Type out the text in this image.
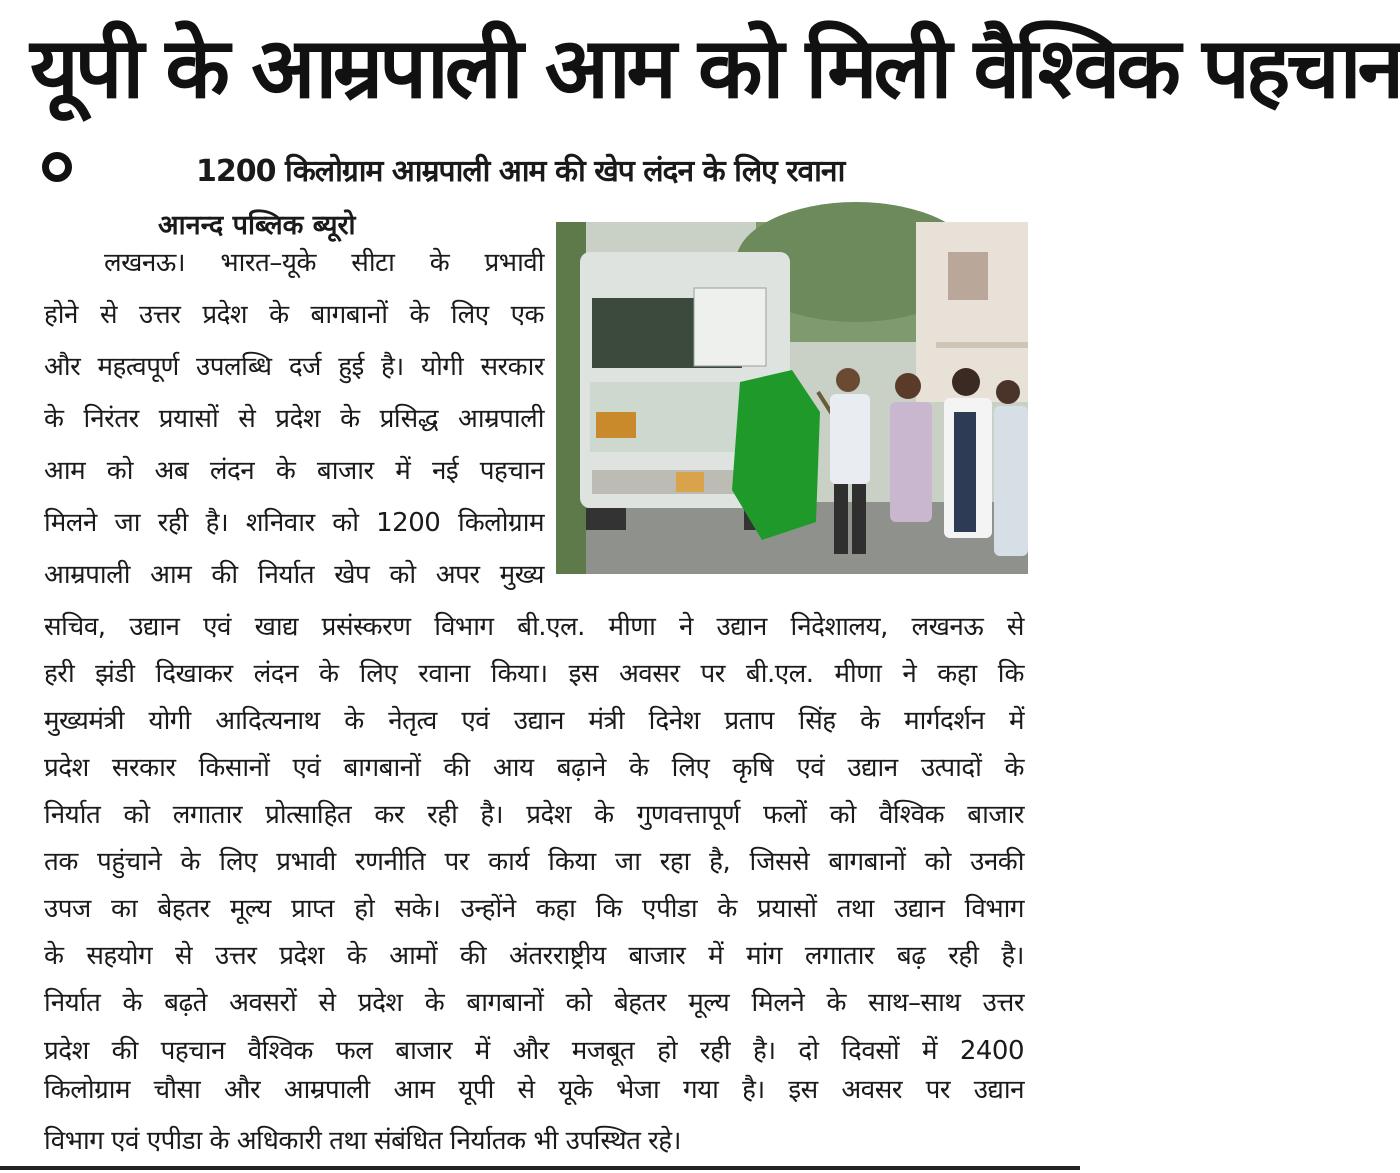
यूपी के आम्रपाली आम को मिली वैश्विक पहचान
1200 किलोग्राम आम्रपाली आम की खेप लंदन के लिए रवाना
आनन्द पब्लिक ब्यूरो
लखनऊ। भारत–यूके सीटा के प्रभावी
होने से उत्तर प्रदेश के बागबानों के लिए एक
और महत्वपूर्ण उपलब्धि दर्ज हुई है। योगी सरकार
के निरंतर प्रयासों से प्रदेश के प्रसिद्ध आम्रपाली
आम को अब लंदन के बाजार में नई पहचान
मिलने जा रही है। शनिवार को 1200 किलोग्राम
आम्रपाली आम की निर्यात खेप को अपर मुख्य
सचिव, उद्यान एवं खाद्य प्रसंस्करण विभाग बी.एल. मीणा ने उद्यान निदेशालय, लखनऊ से
हरी झंडी दिखाकर लंदन के लिए रवाना किया। इस अवसर पर बी.एल. मीणा ने कहा कि
मुख्यमंत्री योगी आदित्यनाथ के नेतृत्व एवं उद्यान मंत्री दिनेश प्रताप सिंह के मार्गदर्शन में
प्रदेश सरकार किसानों एवं बागबानों की आय बढ़ाने के लिए कृषि एवं उद्यान उत्पादों के
निर्यात को लगातार प्रोत्साहित कर रही है। प्रदेश के गुणवत्तापूर्ण फलों को वैश्विक बाजार
तक पहुंचाने के लिए प्रभावी रणनीति पर कार्य किया जा रहा है, जिससे बागबानों को उनकी
उपज का बेहतर मूल्य प्राप्त हो सके। उन्होंने कहा कि एपीडा के प्रयासों तथा उद्यान विभाग
के सहयोग से उत्तर प्रदेश के आमों की अंतरराष्ट्रीय बाजार में मांग लगातार बढ़ रही है।
निर्यात के बढ़ते अवसरों से प्रदेश के बागबानों को बेहतर मूल्य मिलने के साथ–साथ उत्तर
प्रदेश की पहचान वैश्विक फल बाजार में और मजबूत हो रही है। दो दिवसों में 2400
किलोग्राम चौसा और आम्रपाली आम यूपी से यूके भेजा गया है। इस अवसर पर उद्यान
विभाग एवं एपीडा के अधिकारी तथा संबंधित निर्यातक भी उपस्थित रहे।
